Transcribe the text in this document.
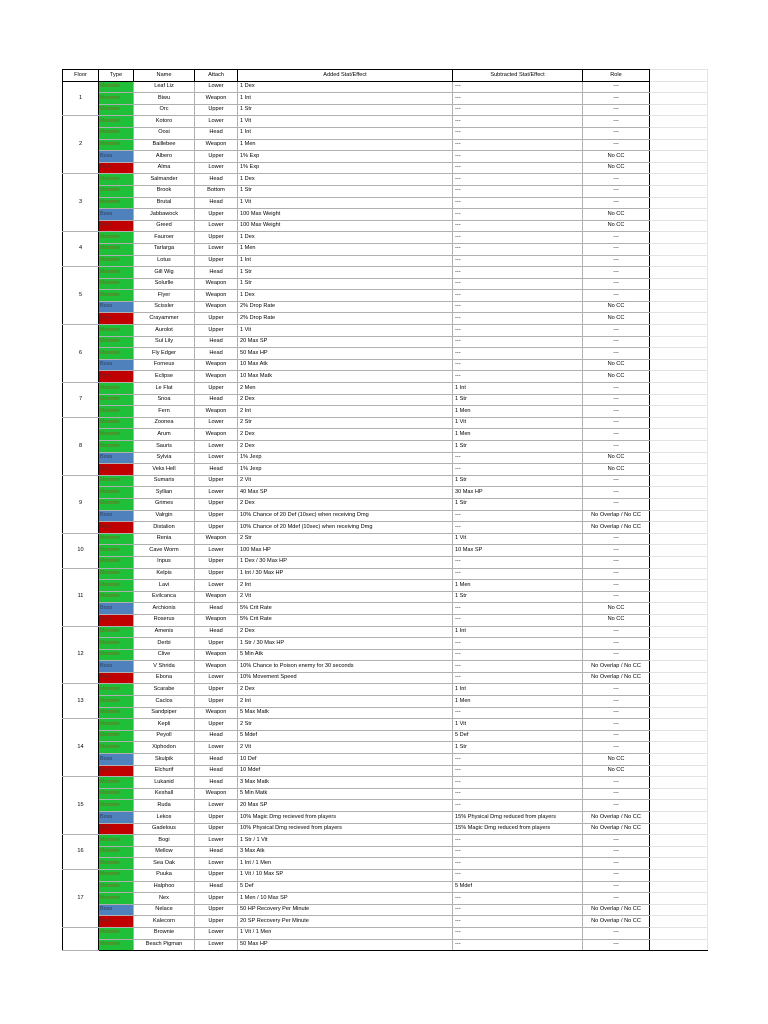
Floor	Type	Name	Attach	Added Stat/Effect	Subtracted Stat/Effect	Role	
1	Monster	Leaf Liz	Lower	1 Dex	---	---	
	Monster	Biwu	Weapon	1 Int	---	---	
	Monster	Orc	Upper	1 Str	---	---	
2	Monster	Kotoro	Lower	1 Vit	---	---	
	Monster	Oosi	Head	1 Int	---	---	
	Monster	Baillebee	Weapon	1 Men	---	---	
	Boss	Albero	Upper	1% Exp	---	No CC	
	Boss	Alma	Lower	1% Exp	---	No CC	
3	Monster	Salmander	Head	1 Dex	---	---	
	Monster	Brook	Bottom	1 Str	---	---	
	Monster	Brutal	Head	1 Vit	---	---	
	Boss	Jabbawock	Upper	100 Max Weight	---	No CC	
	Boss	Greed	Lower	100 Max Weight	---	No CC	
4	Monster	Fauroer	Upper	1 Dex	---	---	
	Monster	Tarlarga	Lower	1 Men	---	---	
	Monster	Lotus	Upper	1 Int	---	---	
5	Monster	Gill Wig	Head	1 Str	---	---	
	Monster	Solurlle	Weapon	1 Str	---	---	
	Monster	Flyer	Weapon	1 Dex	---	---	
	Boss	Scissler	Weapon	2% Drop Rate	---	No CC	
	Boss	Crayammer	Upper	2% Drop Rate	---	No CC	
6	Monster	Aurolot	Upper	1 Vit	---	---	
	Monster	Sul Lily	Head	20 Max SP	---	---	
	Monster	Fly Edger	Head	50 Max HP	---	---	
	Boss	Forneus	Weapon	10 Max Atk	---	No CC	
	Boss	Eclipse	Weapon	10 Max Matk	---	No CC	
7	Monster	Le Flat	Upper	2 Men	1 Int	---	
	Monster	Snoa	Head	2 Dex	1 Str	---	
	Monster	Fern	Weapon	2 Int	1 Men	---	
8	Monster	Zoonea	Lower	2 Str	1 Vit	---	
	Monster	Arum	Weapon	2 Dex	1 Men	---	
	Monster	Sauris	Lower	2 Dex	1 Str	---	
	Boss	Sylvia	Lower	1% Jexp	---	No CC	
	Boss	Veks Hell	Head	1% Jexp	---	No CC	
9	Monster	Sumaris	Upper	2 Vit	1 Str	---	
	Monster	Syllian	Lower	40 Max SP	30 Max HP	---	
	Monster	Grimes	Upper	2 Dex	1 Str	---	
	Boss	Valrgin	Upper	10% Chance of 20 Def (10sec) when receiving Dmg	---	No Overlap / No CC	
	Boss	Distalion	Upper	10% Chance of 20 Mdef (10sec) when receiving Dmg	---	No Overlap / No CC	
10	Monster	Renia	Weapon	2 Str	1 Vit	---	
	Monster	Cave Worm	Lower	100 Max HP	10 Max SP	---	
	Monster	Inpus	Upper	1 Dex / 30 Max HP	---	---	
11	Monster	Kelpis	Upper	1 Int / 30 Max HP	---	---	
	Monster	Lavi	Lower	2 Int	1 Men	---	
	Monster	Evilcanca	Weapon	2 Vit	1 Str	---	
	Boss	Archionis	Head	5% Crit Rate	---	No CC	
	Boss	Roserus	Weapon	5% Crit Rate	---	No CC	
12	Monster	Amenis	Head	2 Dex	1 Int	---	
	Monster	Derbi	Upper	1 Str / 30 Max HP	---	---	
	Monster	Clive	Weapon	5 Min Atk	---	---	
	Boss	V Shrida	Weapon	10% Chance to Poison enemy for 30 seconds	---	No Overlap / No CC	
	Boss	Ebona	Lower	10% Movement Speed	---	No Overlap / No CC	
13	Monster	Scarabe	Upper	2 Dex	1 Int	---	
	Monster	Caclos	Upper	2 Int	1 Men	---	
	Monster	Sandpiper	Weapon	5 Max Matk	---	---	
14	Monster	Kepli	Upper	2 Str	1 Vit	---	
	Monster	Peyoll	Head	5 Mdef	5 Def	---	
	Monster	Xiphodon	Lower	2 Vit	1 Str	---	
	Boss	Skulpik	Head	10 Def	---	No CC	
	Boss	Elchurif	Head	10 Mdef	---	No CC	
15	Monster	Lukanid	Head	3 Max Matk	---	---	
	Monster	Keshall	Weapon	5 Min Matk	---	---	
	Monster	Ruda	Lower	20 Max SP	---	---	
	Boss	Lekos	Upper	10% Magic Dmg recieved from players	15% Physical Dmg reduced from players	No Overlap / No CC	
	Boss	Gadelous	Upper	10% Physical Dmg recieved from players	15% Magic Dmg reduced from players	No Overlap / No CC	
16	Monster	Bogi	Lower	1 Str / 1 Vit	---	---	
	Monster	Mellow	Head	3 Max Atk	---	---	
	Monster	Sea Oak	Lower	1 Int / 1 Men	---	---	
17	Monster	Puuka	Upper	1 Vit / 10 Max SP	---	---	
	Monster	Halphoo	Head	5 Def	5 Mdef	---	
	Monster	Nex	Upper	1 Men / 10 Max SP	---	---	
	Boss	Nelace	Upper	50 HP Recovery Per Minute	---	No Overlap / No CC	
	Boss	Kalecorn	Upper	20 SP Recovery Per Minute	---	No Overlap / No CC	
	Monster	Brownie	Lower	1 Vit / 1 Men	---	---	
	Monster	Beach Pigman	Lower	50 Max HP	---	---	
